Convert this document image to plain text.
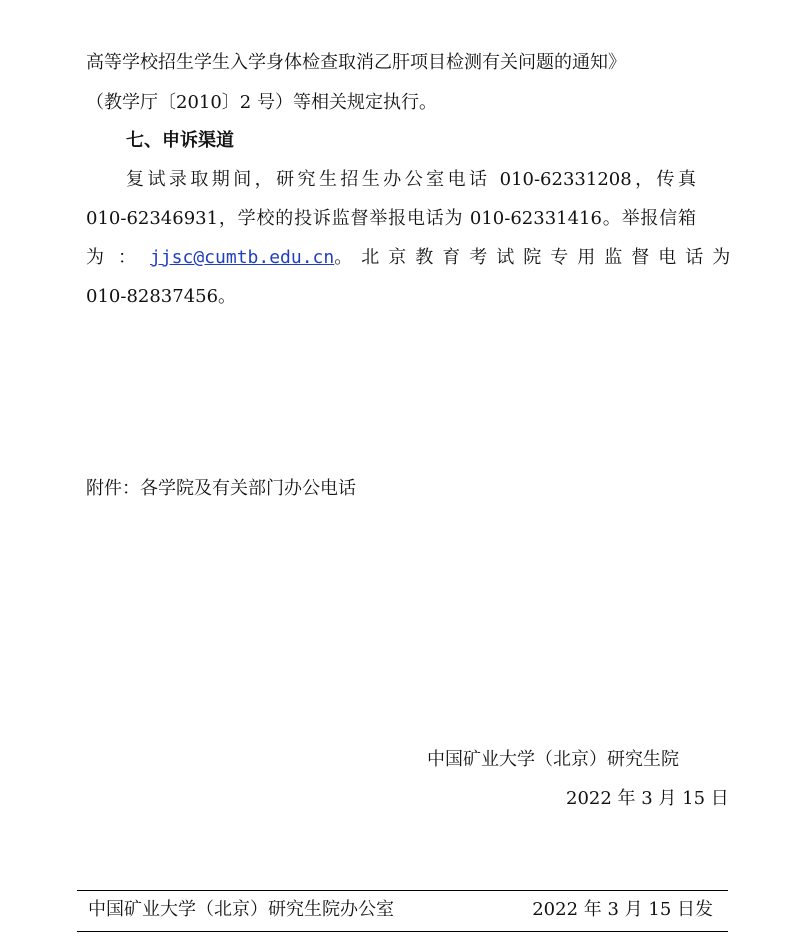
高等学校招生学生入学身体检查取消乙肝项目检测有关问题的通知》
（教学厅〔2010〕2 号）等相关规定执行。
七、申诉渠道
复试录取期间，研究生招生办公室电话 010-62331208，传真
010-62346931，学校的投诉监督举报电话为 010-62331416。举报信箱
为： jjsc@cumtb.edu.cn 。北京教育考试院专用监督电话为
010-82837456。
附件：各学院及有关部门办公电话
中国矿业大学（北京）研究生院
2022 年 3 月 15 日
中国矿业大学（北京）研究生院办公室	2022 年 3 月 15 日发
